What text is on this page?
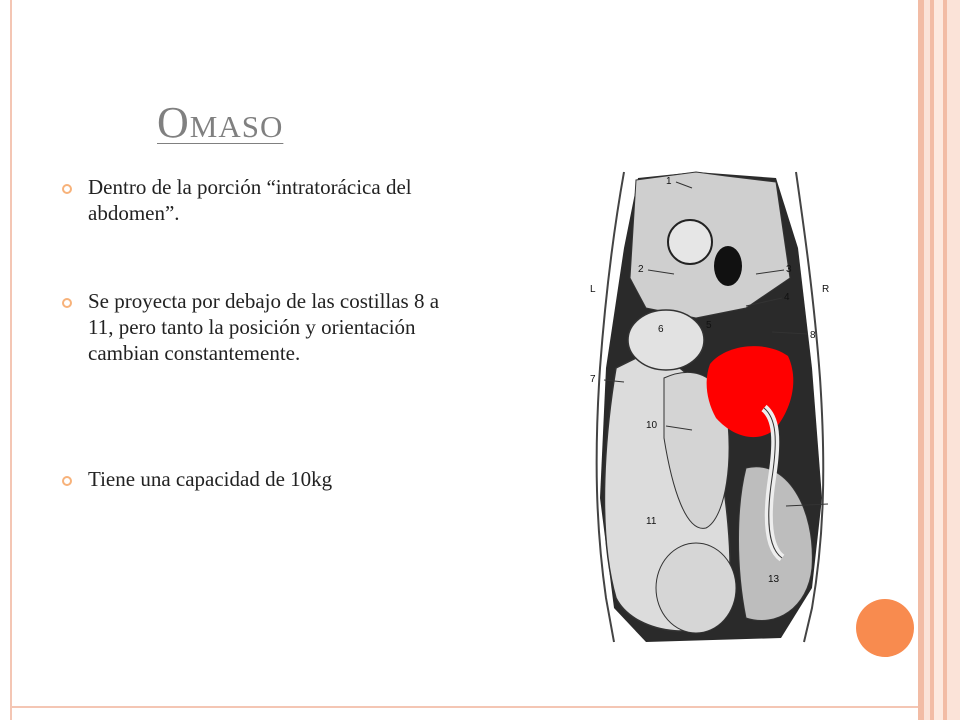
Omaso
Dentro de la porción “intratorácica del abdomen”.
Se proyecta por debajo de las costillas 8 a 11, pero tanto la posición y orientación cambian constantemente.
Tiene una capacidad de 10kg
1
2	3
4
5
6
7
8
10
11
13
L	R
